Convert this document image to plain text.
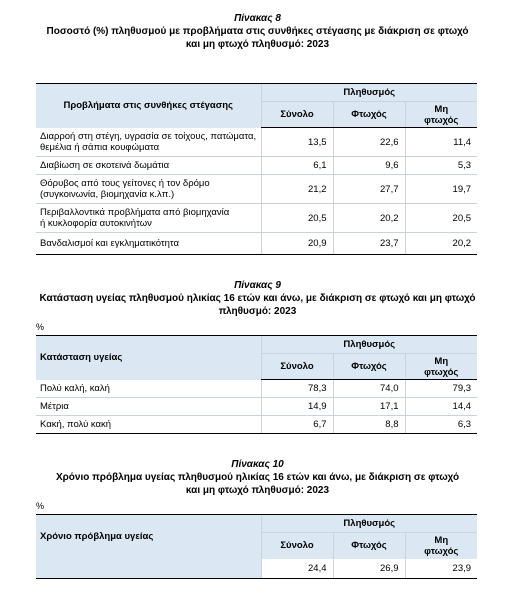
Πίνακας 8
Ποσοστό (%) πληθυσμού με προβλήματα στις συνθήκες στέγασης με διάκριση σε φτωχό
και μη φτωχό πληθυσμό: 2023
Προβλήματα στις συνθήκες στέγασης	Πληθυσμός		
	Σύνολο	Φτωχός	Μη
φτωχός
Διαρροή στη στέγη, υγρασία σε τοίχους, πατώματα,
θεμέλια ή σάπια κουφώματα	13,5	22,6	11,4
Διαβίωση σε σκοτεινά δωμάτια	6,1	9,6	5,3
Θόρυβος από τους γείτονες ή τον δρόμο
(συγκοινωνία, βιομηχανία κ.λπ.)	21,2	27,7	19,7
Περιβαλλοντικά προβλήματα από βιομηχανία
ή κυκλοφορία αυτοκινήτων	20,5	20,2	20,5
Βανδαλισμοί και εγκληματικότητα	20,9	23,7	20,2
Πίνακας 9
Κατάσταση υγείας πληθυσμού ηλικίας 16 ετών και άνω, με διάκριση σε φτωχό και μη φτωχό
πληθυσμό: 2023
%
Κατάσταση υγείας	Πληθυσμός		
	Σύνολο	Φτωχός	Μη
φτωχός
Πολύ καλή, καλή	78,3	74,0	79,3
Μέτρια	14,9	17,1	14,4
Κακή, πολύ κακή	6,7	8,8	6,3
Πίνακας 10
Χρόνιο πρόβλημα υγείας πληθυσμού ηλικίας 16 ετών και άνω, με διάκριση σε φτωχό
και μη φτωχό πληθυσμό: 2023
%
Χρόνιο πρόβλημα υγείας	Πληθυσμός		
	Σύνολο	Φτωχός	Μη
φτωχός
	24,4	26,9	23,9
